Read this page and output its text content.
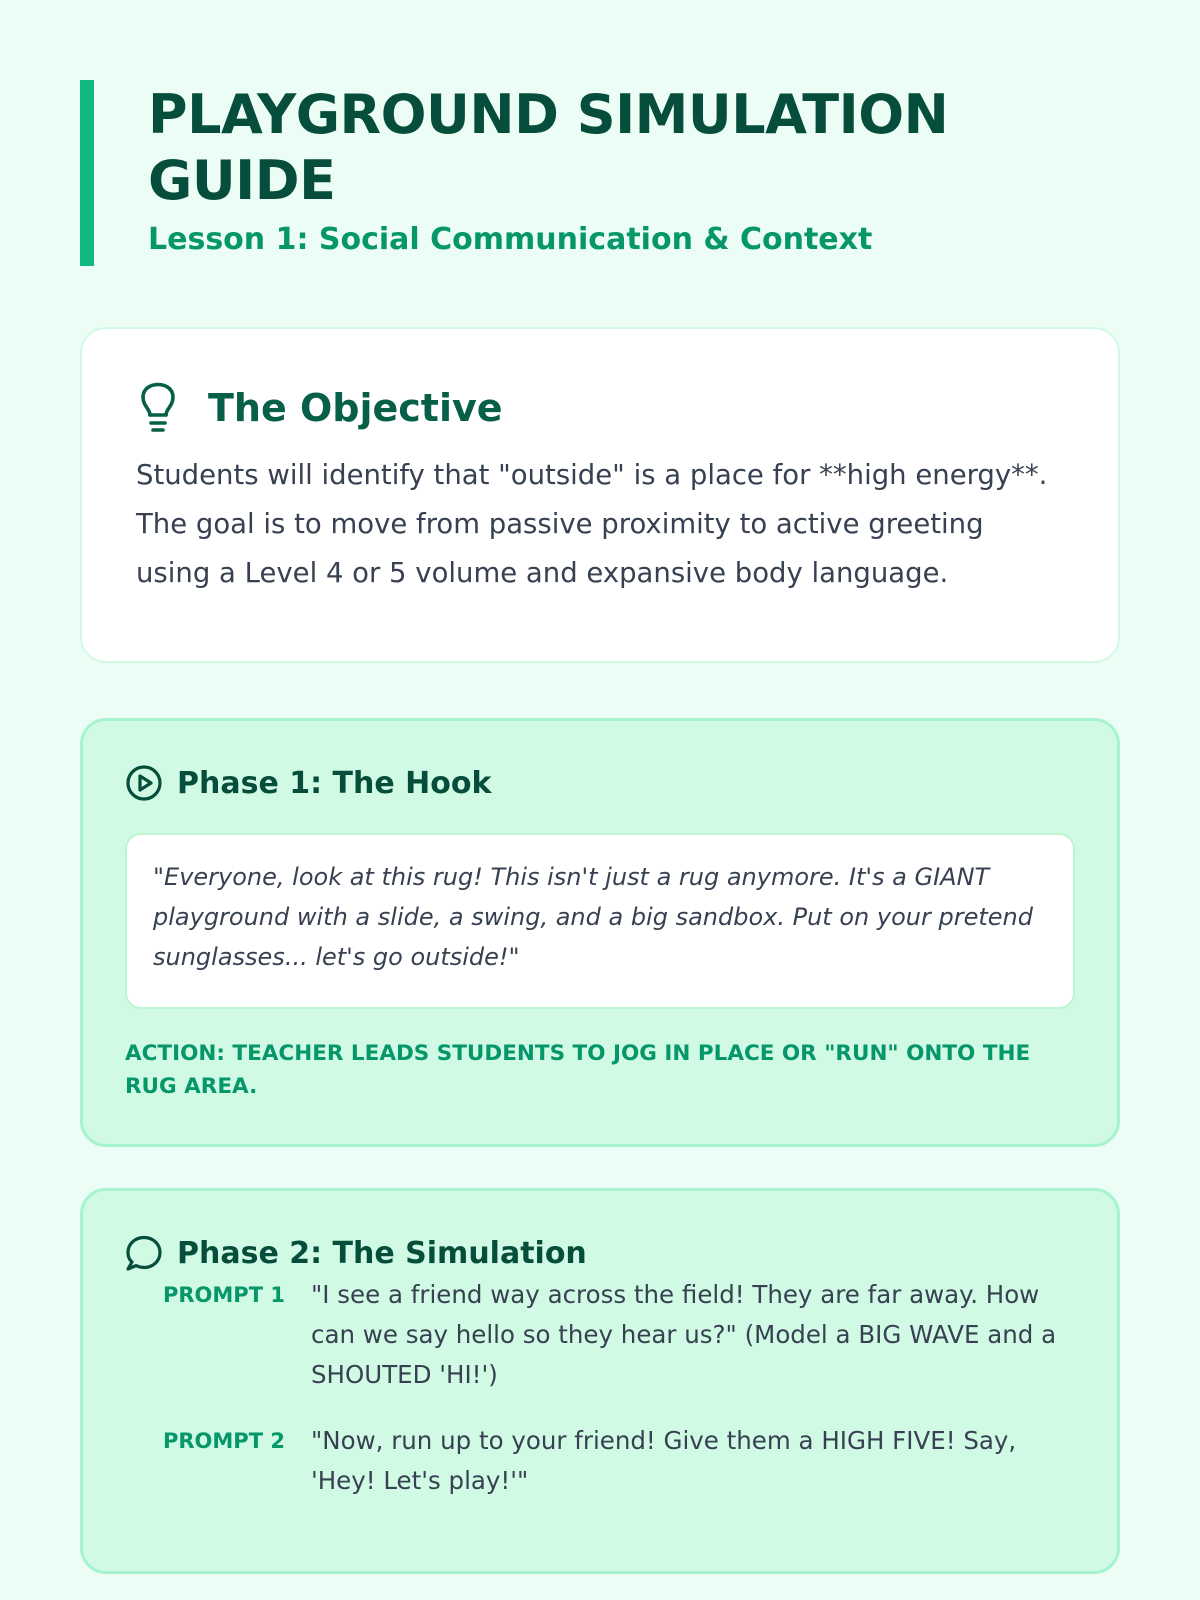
PLAYGROUND SIMULATION
GUIDE
Lesson 1: Social Communication & Context
The Objective

Students will identify that "outside" is a place for **high energy**. The goal is to move from passive proximity to active greeting using a Level 4 or 5 volume and expansive body language.

Phase 1: The Hook
"Everyone, look at this rug! This isn't just a rug anymore. It's a GIANT playground with a slide, a swing, and a big sandbox. Put on your pretend sunglasses... let's go outside!"
ACTION: TEACHER LEADS STUDENTS TO JOG IN PLACE OR "RUN" ONTO THE RUG AREA.
Phase 2: The Simulation
PROMPT 1	"I see a friend way across the field! They are far away. How can we say hello so they hear us?" (Model a BIG WAVE and a SHOUTED 'HI!')
PROMPT 2	"Now, run up to your friend! Give them a HIGH FIVE! Say, 'Hey! Let's play!'"
